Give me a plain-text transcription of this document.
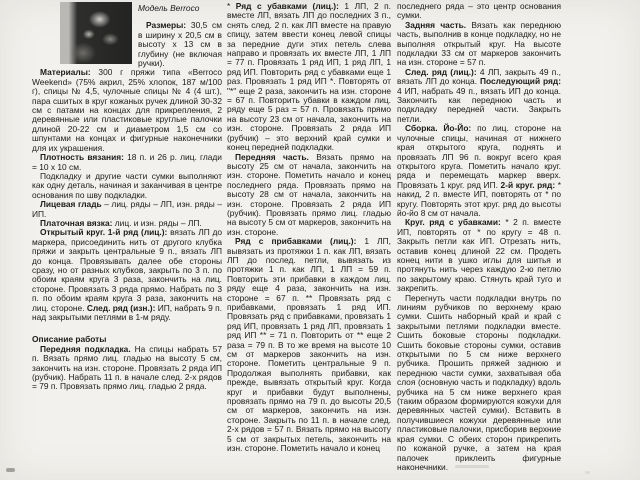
Модель Berroco

Размеры: 30,5 см в ширину x 20,5 см в высоту x 13 см в глубину (не включая ручки).

Материалы: 300 г пряжи типа «Berroco Weekend» (75% акрил, 25% хлопок, 187 м/100 г), спицы № 4,5, чулочные спицы № 4 (4 шт.), пара сшитых в круг кожаных ручек длиной 30-32 см с патами на концах для прикрепления, 2 деревянные или пластиковые круглые палочки длиной 20-22 см и диаметром 1,5 см со шпунтами на концах и фигурные наконечники для их украшения.

Плотность вязания: 18 п. и 26 р. лиц. глади = 10 x 10 см.

Подкладку и другие части сумки выполняют как одну деталь, начиная и заканчивая в центре основания по шву подкладки.

Лицевая гладь – лиц. ряды – ЛП, изн. ряды – ИП.

Платочная вязка: лиц. и изн. ряды – ЛП.

Открытый круг. 1-й ряд (лиц.): вязать ЛП до маркера, присоединить нить от другого клубка пряжи и закрыть центральные 9 п., вязать ЛП до конца. Провязывать далее обе стороны сразу, но от разных клубков, закрыть по 3 п. по обоим краям круга 3 раза, закончить на лиц. стороне. Провязать 3 ряда прямо. Набрать по 3 п. по обоим краям круга 3 раза, закончить на лиц. стороне. След. ряд (изн.): ИП, набрать 9 п. над закрытыми петлями в 1-м ряду.

Описание работы

Передняя подкладка. На спицы набрать 57 п. Вязать прямо лиц. гладью на высоту 5 см, закончить на изн. стороне. Провязать 2 ряда ИП (рубчик). Набрать 11 п. в начале след. 2-х рядов = 79 п. Провязать прямо лиц. гладью 2 ряда.

* Ряд с убавками (лиц.): 1 ЛП, 2 п. вместе ЛП, вязать ЛП до последних 3 п., снять след. 2 п. как ЛП вместе на правую спицу, затем ввести конец левой спицы за передние дуги этих петель слева направо и провязать их вместе ЛП, 1 ЛП = 77 п. Провязать 1 ряд ИП, 1 ряд ЛП, 1 ряд ИП. Повторить ряд с убавками еще 1 раз. Провязать 1 ряд ИП *. Повторять от "*" еще 2 раза, закончить на изн. стороне = 67 п. Повторить убавки в каждом лиц. ряду еще 5 раз = 57 п. Провязать прямо на высоту 23 см от начала, закончить на изн. стороне. Провязать 2 ряда ИП (рубчик) – это верхний край сумки и конец передней подкладки.

Передняя часть. Вязать прямо на высоту 25 см от начала, закончить на изн. стороне. Пометить начало и конец последнего ряда. Провязать прямо на высоту 28 см от начала, закончить на изн. стороне. Провязать 2 ряда ИП (рубчик). Провязать прямо лиц. гладью на высоту 5 см от маркеров, закончить на изн. стороне.

Ряд с прибавками (лиц.): 1 ЛП, вывязать из протяжки 1 п. как ЛП, вязать ЛП до послед. петли, вывязать из протяжки 1 п. как ЛП, 1 ЛП = 59 п. Повторить эти прибавки в каждом лиц. ряду еще 4 раза, закончить на изн. стороне = 67 п. ** Провязать ряд с прибавками, провязать 1 ряд ИП. Провязать ряд с прибавками, провязать 1 ряд ИП, провязать 1 ряд ЛП, провязать 1 ряд ИП ** = 71 п. Повторить от ** еще 2 раза = 79 п. В то же время на высоте 10 см от маркеров закончить на изн. стороне. Пометить центральные 9 п. Продолжая выполнять прибавки, как прежде, вывязать открытый круг. Когда круг и прибавки будут выполнены, провязать прямо на 79 п. до высоты 20,5 см от маркеров, закончить на изн. стороне. Закрыть по 11 п. в начале след. 2-х рядов = 57 п. Вязать прямо на высоту 5 см от закрытых петель, закончить на изн. стороне. Пометить начало и конец

последнего ряда – это центр основания сумки.

Задняя часть. Вязать как переднюю часть, выполнив в конце подкладку, но не выполняя открытый круг. На высоте подкладки 33 см от маркеров закончить на изн. стороне = 57 п.

След. ряд (лиц.): 4 ЛП, закрыть 49 п., вязать ЛП до конца. Последующий ряд: 4 ИП, набрать 49 п., вязать ИП до конца. Закончить как переднюю часть и подкладку передней части. Закрыть петли.

Сборка. Йо-Йо: по лиц. стороне на чулочные спицы, начиная от нижнего края открытого круга, поднять и провязать ЛП 96 п. вокруг всего края открытого круга. Пометить начало круг. ряда и перемещать маркер вверх. Провязать 1 круг. ряд ИП. 2-й круг. ряд: * накид, 2 п. вместе ИП, повторять от * по кругу. Повторять этот круг. ряд до высоты йо-йо 8 см от начала.

Круг. ряд с убавками: * 2 п. вместе ИП, повторять от * по кругу = 48 п. Закрыть петли как ИП. Отрезать нить, оставив конец длиной 22 см. Продеть конец нити в ушко иглы для шитья и протянуть нить через каждую 2-ю петлю по закрытому краю. Стянуть край туго и закрепить.

Перегнуть части подкладки внутрь по линиям рубчиков по верхнему краю сумки. Сшить наборный край и край с закрытыми петлями подкладки вместе. Сшить боковые стороны подкладки. Сшить боковые стороны сумки, оставив открытыми по 5 см ниже верхнего рубчика. Прошить пряжей заднюю и переднюю части сумки, захватывая оба слоя (основную часть и подкладку) вдоль рубчика на 5 см ниже верхнего края (таким образом формируются кожухи для деревянных частей сумки). Вставить в получившиеся кожухи деревянные или пластиковые палочки, присборив верхние края сумки. С обеих сторон прикрепить по кожаной ручке, а затем на края палочек приклеить фигурные наконечники.
